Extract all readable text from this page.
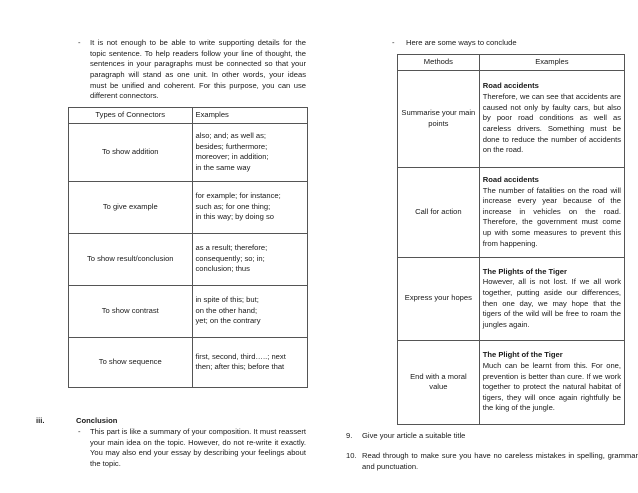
-	It is not enough to be able to write supporting details for the topic sentence. To help readers follow your line of thought, the sentences in your paragraphs must be connected so that your paragraph will stand as one unit. In other words, your ideas must be unified and coherent. For this purpose, you can use different connectors.
Types of Connectors	Examples
To show addition	also; and; as well as;
besides; furthermore;
moreover; in addition;
in the same way

To give example	for example; for instance;
such as; for one thing;
in this way; by doing so

To show result/conclusion	as a result; therefore;
consequently; so; in;
conclusion; thus

To show contrast	in spite of this; but;
on the other hand;
yet; on the contrary

To show sequence	first, second, third…..; next
then; after this; before that
iii.	Conclusion
-	This part is like a summary of your composition. It must reassert your main idea on the topic. However, do not re-write it exactly. You may also end your essay by describing your feelings about the topic.
-	Here are some ways to conclude
Methods	Examples
Summarise your main points	Road accidents
Therefore, we can see that accidents are caused not only by faulty cars, but also by poor road conditions as well as careless drivers. Something must be done to reduce the number of accidents on the road.

Call for action	Road accidents
The number of fatalities on the road will increase every year because of the increase in vehicles on the road. Therefore, the government must come up with some measures to prevent this from happening.

Express your hopes	The Plights of the Tiger
However, all is not lost. If we all work together, putting aside our differences, then one day, we may hope that the tigers of the wild will be free to roam the jungles again.

End with a moral value	The Plight of the Tiger
Much can be learnt from this. For one, prevention is better than cure. If we work together to protect the natural habitat of tigers, they will once again rightfully be the king of the jungle.
9.	Give your article a suitable title
10. Read through to make sure you have no careless mistakes in spelling, grammar and punctuation.
